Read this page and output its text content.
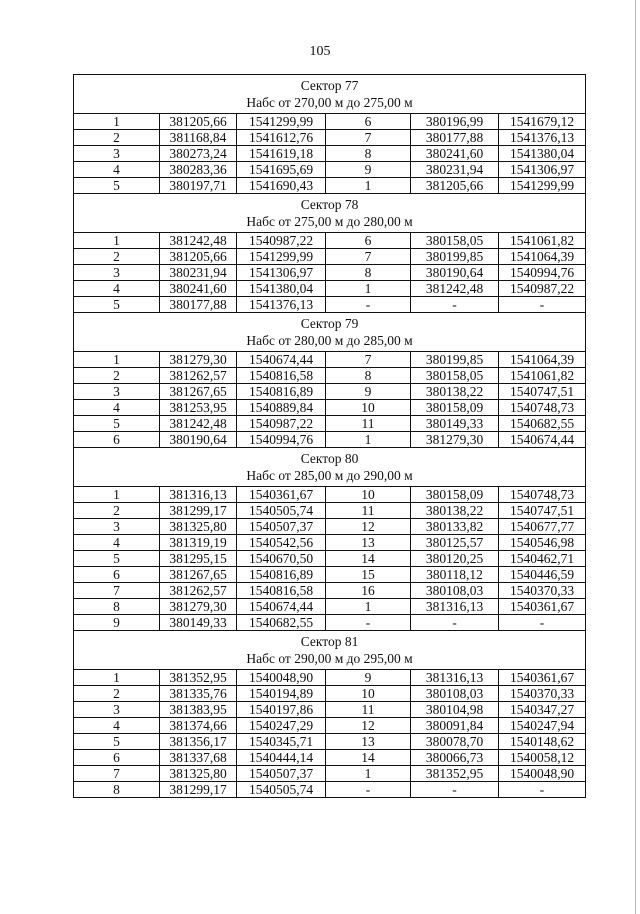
105
Сектор 77
Набс от 270,00 м до 275,00 м					

1	381205,66	1541299,99	6	380196,99	1541679,12
2	381168,84	1541612,76	7	380177,88	1541376,13
3	380273,24	1541619,18	8	380241,60	1541380,04
4	380283,36	1541695,69	9	380231,94	1541306,97
5	380197,71	1541690,43	1	381205,66	1541299,99

Сектор 78
Набс от 275,00 м до 280,00 м					

1	381242,48	1540987,22	6	380158,05	1541061,82
2	381205,66	1541299,99	7	380199,85	1541064,39
3	380231,94	1541306,97	8	380190,64	1540994,76
4	380241,60	1541380,04	1	381242,48	1540987,22
5	380177,88	1541376,13	-	-	-

Сектор 79
Набс от 280,00 м до 285,00 м					

1	381279,30	1540674,44	7	380199,85	1541064,39
2	381262,57	1540816,58	8	380158,05	1541061,82
3	381267,65	1540816,89	9	380138,22	1540747,51
4	381253,95	1540889,84	10	380158,09	1540748,73
5	381242,48	1540987,22	11	380149,33	1540682,55
6	380190,64	1540994,76	1	381279,30	1540674,44

Сектор 80
Набс от 285,00 м до 290,00 м					

1	381316,13	1540361,67	10	380158,09	1540748,73
2	381299,17	1540505,74	11	380138,22	1540747,51
3	381325,80	1540507,37	12	380133,82	1540677,77
4	381319,19	1540542,56	13	380125,57	1540546,98
5	381295,15	1540670,50	14	380120,25	1540462,71
6	381267,65	1540816,89	15	380118,12	1540446,59
7	381262,57	1540816,58	16	380108,03	1540370,33
8	381279,30	1540674,44	1	381316,13	1540361,67
9	380149,33	1540682,55	-	-	-

Сектор 81
Набс от 290,00 м до 295,00 м					

1	381352,95	1540048,90	9	381316,13	1540361,67
2	381335,76	1540194,89	10	380108,03	1540370,33
3	381383,95	1540197,86	11	380104,98	1540347,27
4	381374,66	1540247,29	12	380091,84	1540247,94
5	381356,17	1540345,71	13	380078,70	1540148,62
6	381337,68	1540444,14	14	380066,73	1540058,12
7	381325,80	1540507,37	1	381352,95	1540048,90
8	381299,17	1540505,74	-	-	-
